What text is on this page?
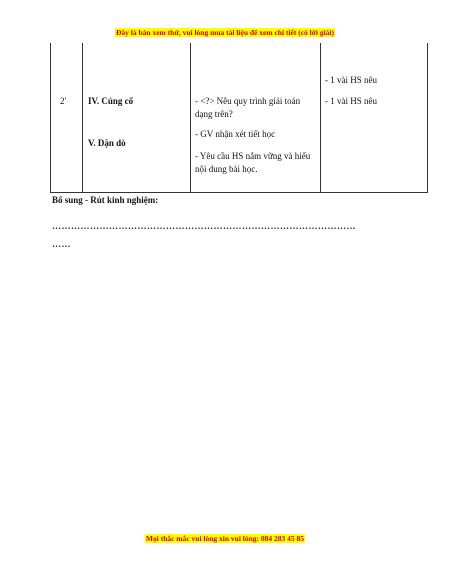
Đây là bản xem thử, vui lòng mua tài liệu để xem chi tiết (có lời giải)
2' IV. Củng cố
V. Dặn dò
- <?> Nêu quy trình giải toán dạng trên?
- GV nhận xét tiết học
- Yêu cầu HS nắm vững và hiểu nội dung bài học.
- 1 vài HS nêu
- 1 vài HS nêu
Bổ sung - Rút kinh nghiệm:
……………………………………………………………………………………
……
Mọi thắc mắc vui lòng xin vui lòng: 084 283 45 85
